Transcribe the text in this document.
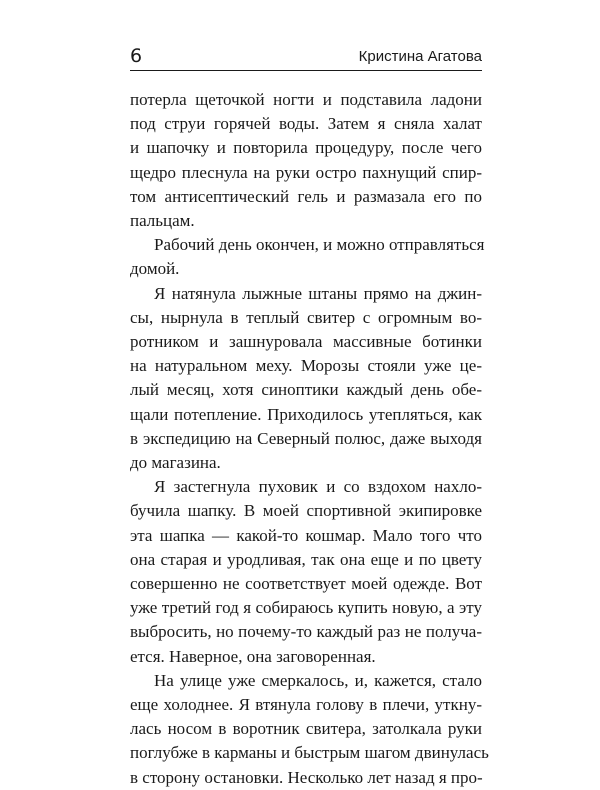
6	Кристина Агатова
потерла щеточкой ногти и подставила ладони
под струи горячей воды. Затем я сняла халат
и шапочку и повторила процедуру, после чего
щедро плеснула на руки остро пахнущий спир-
том антисептический гель и размазала его по
пальцам.
Рабочий день окончен, и можно отправляться
домой.
Я натянула лыжные штаны прямо на джин-
сы, нырнула в теплый свитер с огромным во-
ротником и зашнуровала массивные ботинки
на натуральном меху. Морозы стояли уже це-
лый месяц, хотя синоптики каждый день обе-
щали потепление. Приходилось утепляться, как
в экспедицию на Северный полюс, даже выходя
до магазина.
Я застегнула пуховик и со вздохом нахло-
бучила шапку. В моей спортивной экипировке
эта шапка — какой-то кошмар. Мало того что
она старая и уродливая, так она еще и по цвету
совершенно не соответствует моей одежде. Вот
уже третий год я собираюсь купить новую, а эту
выбросить, но почему-то каждый раз не получа-
ется. Наверное, она заговоренная.
На улице уже смеркалось, и, кажется, стало
еще холоднее. Я втянула голову в плечи, уткну-
лась носом в воротник свитера, затолкала руки
поглубже в карманы и быстрым шагом двинулась
в сторону остановки. Несколько лет назад я про-
